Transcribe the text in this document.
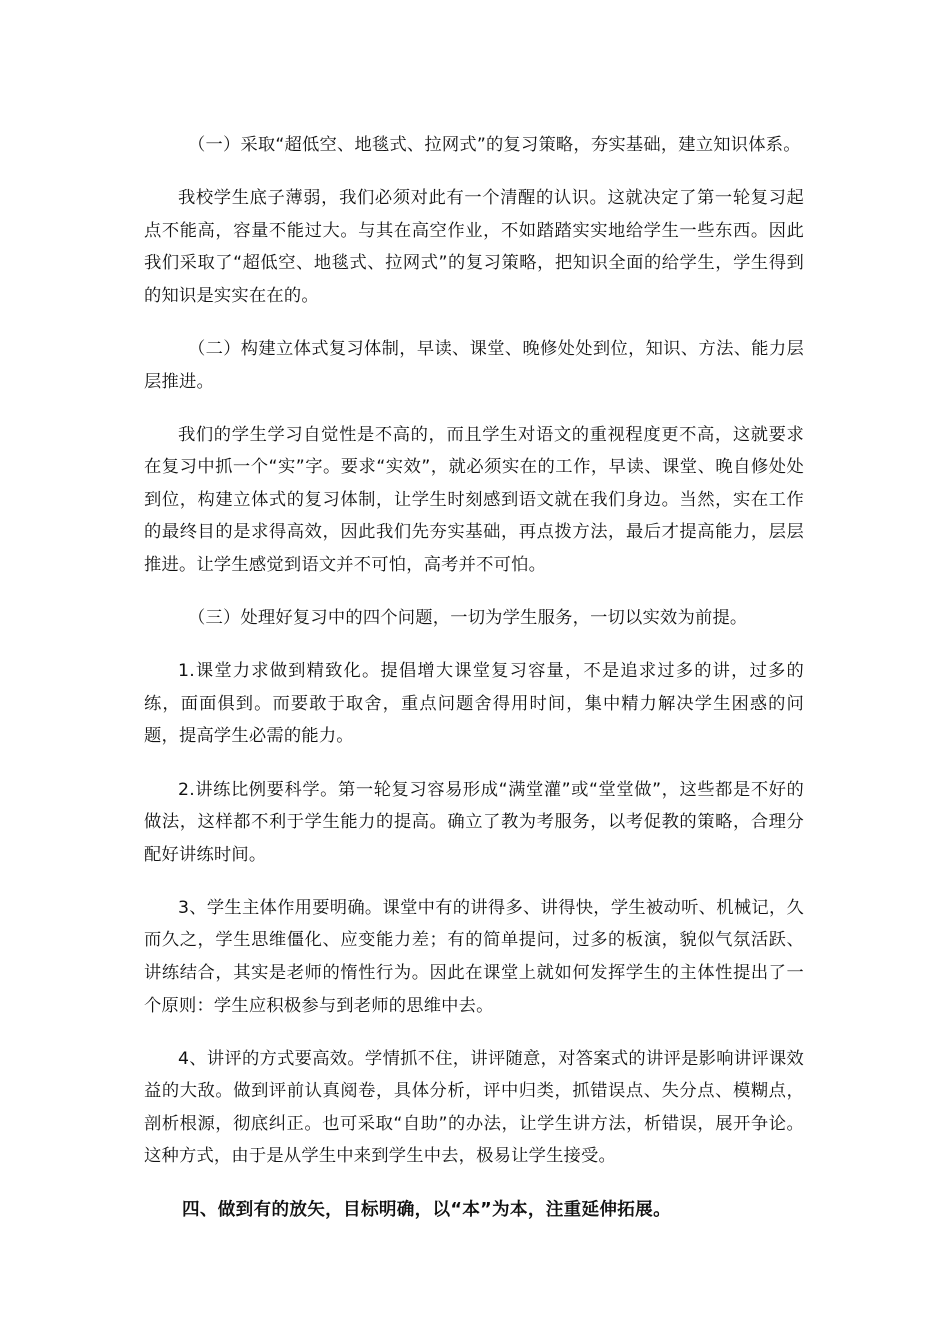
（一）采取“超低空、地毯式、拉网式”的复习策略，夯实基础，建立知识体系。

我校学生底子薄弱，我们必须对此有一个清醒的认识。这就决定了第一轮复习起点不能高，容量不能过大。与其在高空作业，不如踏踏实实地给学生一些东西。因此我们采取了“超低空、地毯式、拉网式”的复习策略，把知识全面的给学生，学生得到的知识是实实在在的。

（二）构建立体式复习体制，早读、课堂、晚修处处到位，知识、方法、能力层层推进。

我们的学生学习自觉性是不高的，而且学生对语文的重视程度更不高，这就要求在复习中抓一个“实”字。要求“实效”，就必须实在的工作，早读、课堂、晚自修处处到位，构建立体式的复习体制，让学生时刻感到语文就在我们身边。当然，实在工作的最终目的是求得高效，因此我们先夯实基础，再点拨方法，最后才提高能力，层层推进。让学生感觉到语文并不可怕，高考并不可怕。

（三）处理好复习中的四个问题，一切为学生服务，一切以实效为前提。

1.课堂力求做到精致化。提倡增大课堂复习容量，不是追求过多的讲，过多的练，面面俱到。而要敢于取舍，重点问题舍得用时间，集中精力解决学生困惑的问题，提高学生必需的能力。

2.讲练比例要科学。第一轮复习容易形成“满堂灌”或“堂堂做”，这些都是不好的做法，这样都不利于学生能力的提高。确立了教为考服务，以考促教的策略，合理分配好讲练时间。

3、学生主体作用要明确。课堂中有的讲得多、讲得快，学生被动听、机械记，久而久之，学生思维僵化、应变能力差；有的简单提问，过多的板演，貌似气氛活跃、讲练结合，其实是老师的惰性行为。因此在课堂上就如何发挥学生的主体性提出了一个原则：学生应积极参与到老师的思维中去。

4、讲评的方式要高效。学情抓不住，讲评随意，对答案式的讲评是影响讲评课效益的大敌。做到评前认真阅卷，具体分析，评中归类，抓错误点、失分点、模糊点，剖析根源，彻底纠正。也可采取“自助”的办法，让学生讲方法，析错误，展开争论。这种方式，由于是从学生中来到学生中去，极易让学生接受。

四、做到有的放矢，目标明确，以“本”为本，注重延伸拓展。
